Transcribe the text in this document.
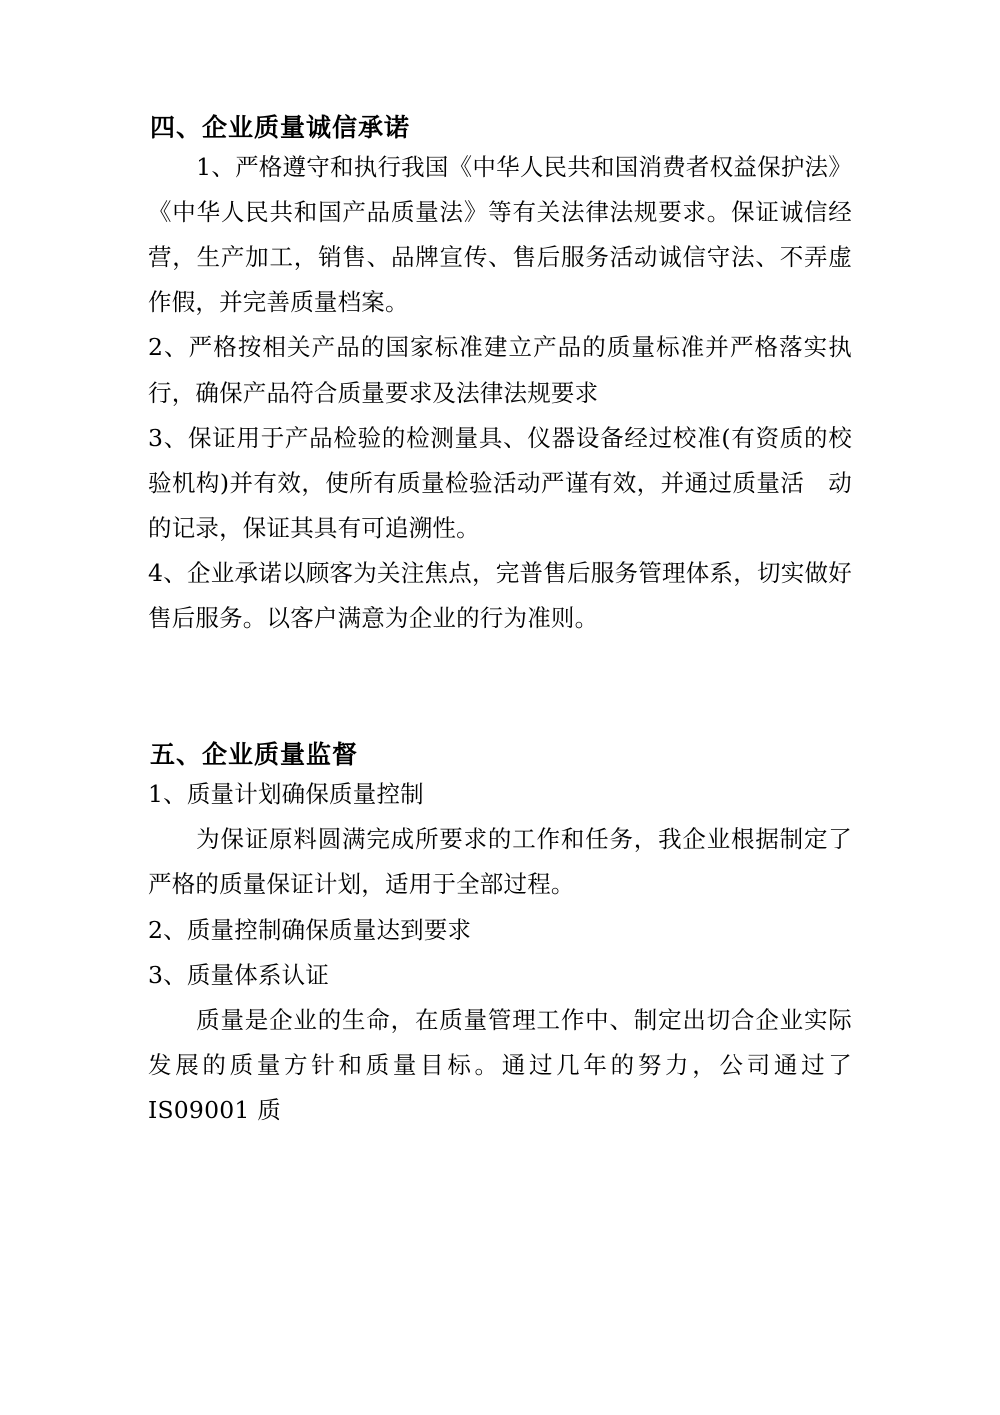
四、企业质量诚信承诺

1、严格遵守和执行我国《中华人民共和国消费者权益保护法》《中华人民共和国产品质量法》等有关法律法规要求。保证诚信经营，生产加工，销售、品牌宣传、售后服务活动诚信守法、不弄虚作假，并完善质量档案。

2、严格按相关产品的国家标准建立产品的质量标准并严格落实执行，确保产品符合质量要求及法律法规要求

3、保证用于产品检验的检测量具、仪器设备经过校准(有资质的校验机构)并有效，使所有质量检验活动严谨有效，并通过质量活　动的记录，保证其具有可追溯性。

4、企业承诺以顾客为关注焦点，完普售后服务管理体系，切实做好售后服务。以客户满意为企业的行为准则。

五、企业质量监督

1、质量计划确保质量控制

为保证原料圆满完成所要求的工作和任务，我企业根据制定了严格的质量保证计划，适用于全部过程。

2、质量控制确保质量达到要求

3、质量体系认证

质量是企业的生命，在质量管理工作中、制定出切合企业实际发展的质量方针和质量目标。通过几年的努力，公司通过了 IS09001 质
